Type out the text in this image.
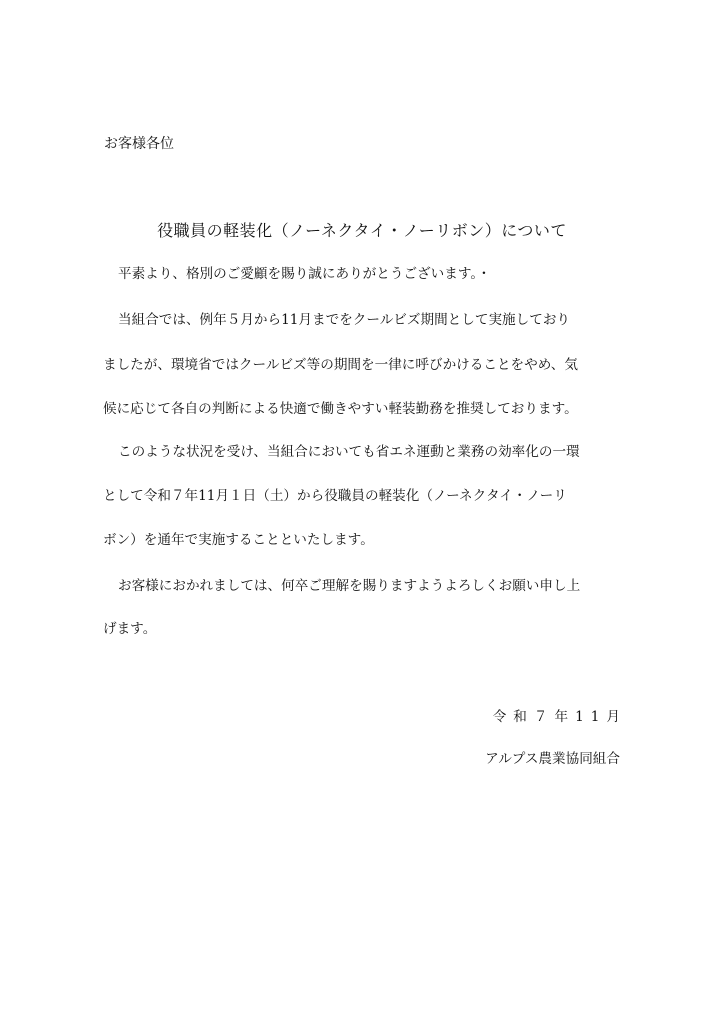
お客様各位
役職員の軽装化（ノーネクタイ・ノーリボン）について
平素より、格別のご愛顧を賜り誠にありがとうございます。・
当組合では、例年５月から11月までをクールビズ期間として実施しており
ましたが、環境省ではクールビズ等の期間を一律に呼びかけることをやめ、気
候に応じて各自の判断による快適で働きやすい軽装勤務を推奨しております。
このような状況を受け、当組合においても省エネ運動と業務の効率化の一環
として令和７年11月１日（土）から役職員の軽装化（ノーネクタイ・ノーリ
ボン）を通年で実施することといたします。
お客様におかれましては、何卒ご理解を賜りますようよろしくお願い申し上
げます。
令和７年11月
アルプス農業協同組合
